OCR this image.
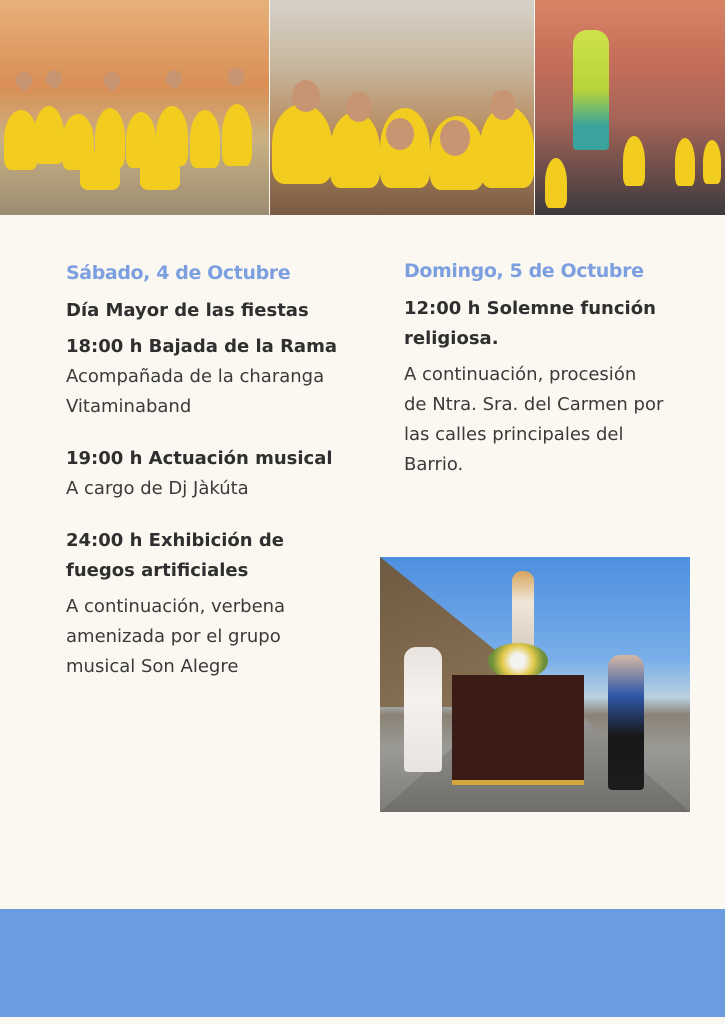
Sábado, 4 de Octubre

Día Mayor de las fiestas

18:00 h Bajada de la Rama

Acompañada de la charanga

Vitaminaband

19:00 h Actuación musical

A cargo de Dj Jàkúta

24:00 h Exhibición de

fuegos artificiales

A continuación, verbena

amenizada por el grupo

musical Son Alegre

Domingo, 5 de Octubre

12:00 h Solemne función

religiosa.

A continuación, procesión

de Ntra. Sra. del Carmen por

las calles principales del

Barrio.
